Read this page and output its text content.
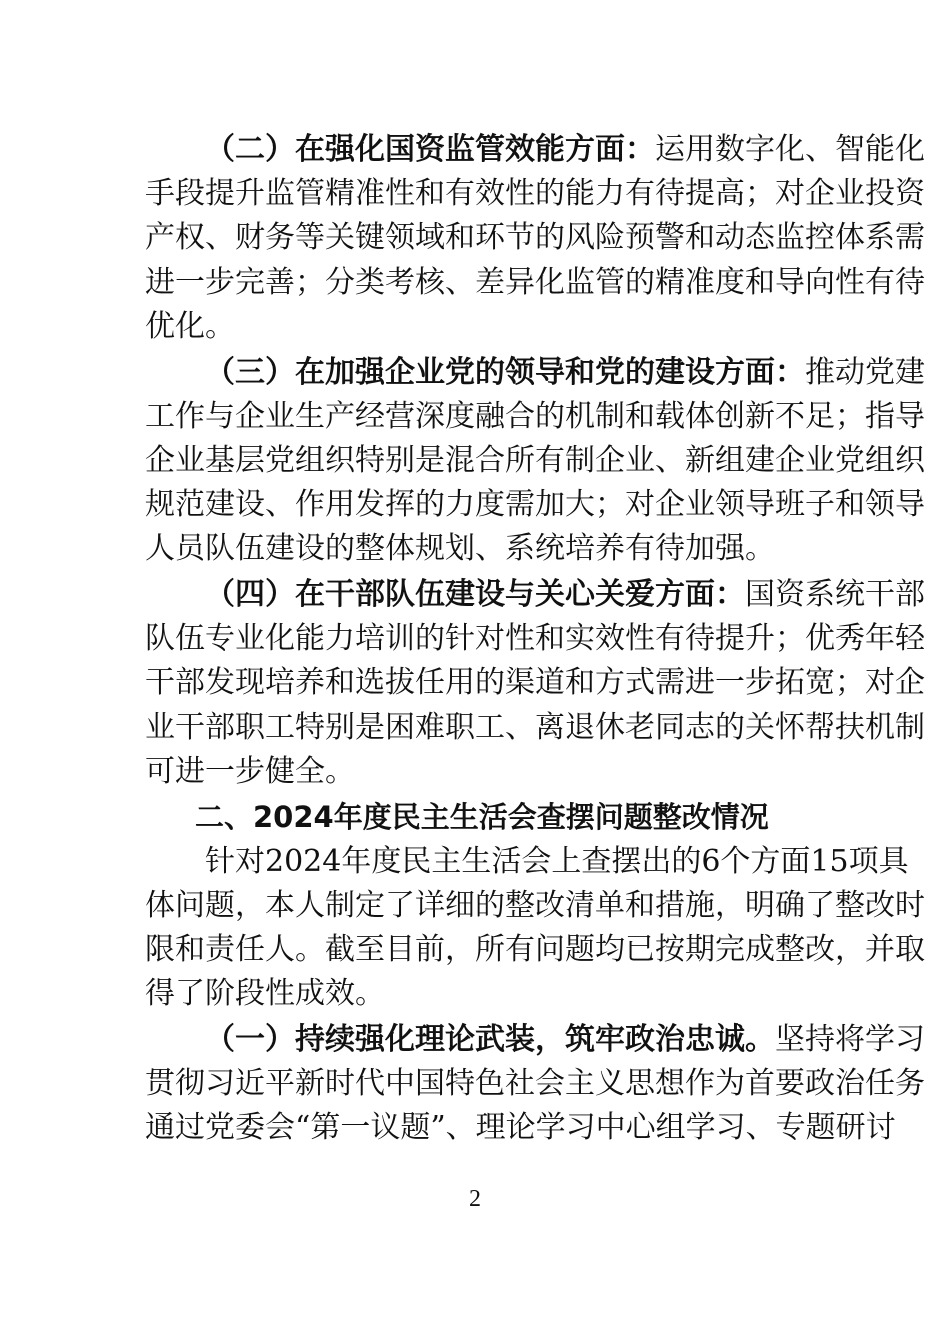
（二）在强化国资监管效能方面：运用数字化、智能化
手段提升监管精准性和有效性的能力有待提高；对企业投资
产权、财务等关键领域和环节的风险预警和动态监控体系需
进一步完善；分类考核、差异化监管的精准度和导向性有待
优化。
（三）在加强企业党的领导和党的建设方面：推动党建
工作与企业生产经营深度融合的机制和载体创新不足；指导
企业基层党组织特别是混合所有制企业、新组建企业党组织
规范建设、作用发挥的力度需加大；对企业领导班子和领导
人员队伍建设的整体规划、系统培养有待加强。
（四）在干部队伍建设与关心关爱方面：国资系统干部
队伍专业化能力培训的针对性和实效性有待提升；优秀年轻
干部发现培养和选拔任用的渠道和方式需进一步拓宽；对企
业干部职工特别是困难职工、离退休老同志的关怀帮扶机制
可进一步健全。
二、2024年度民主生活会查摆问题整改情况
针对2024年度民主生活会上查摆出的6个方面15项具
体问题，本人制定了详细的整改清单和措施，明确了整改时
限和责任人。截至目前，所有问题均已按期完成整改，并取
得了阶段性成效。
（一）持续强化理论武装，筑牢政治忠诚。坚持将学习
贯彻习近平新时代中国特色社会主义思想作为首要政治任务
通过党委会“第一议题”、理论学习中心组学习、专题研讨
2
